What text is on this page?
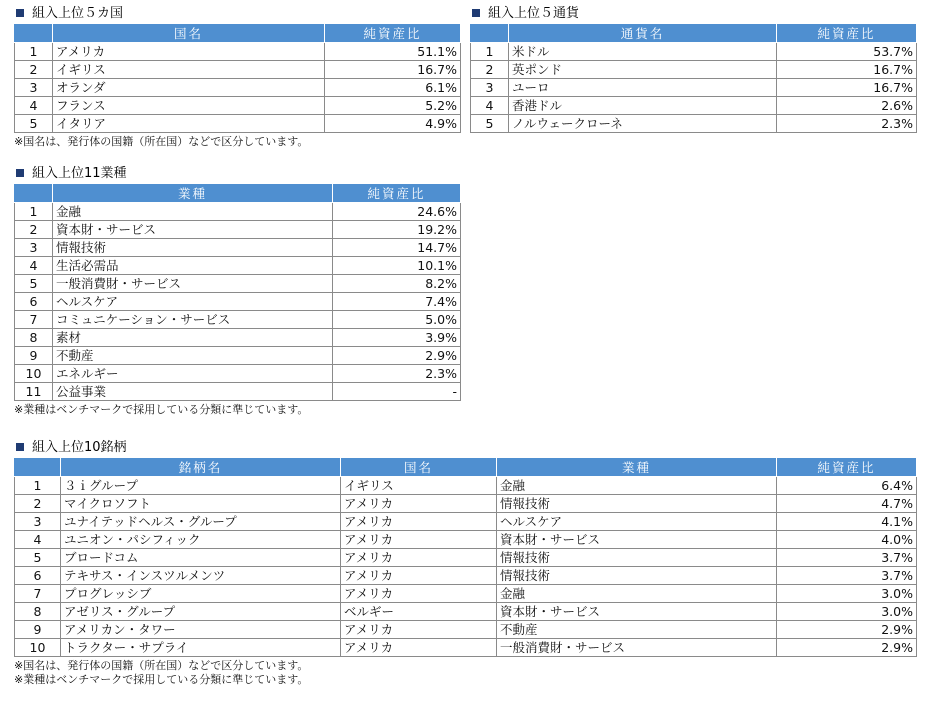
組入上位５カ国
	国名	純資産比
1	アメリカ	51.1%
2	イギリス	16.7%
3	オランダ	6.1%
4	フランス	5.2%
5	イタリア	4.9%
※国名は、発行体の国籍（所在国）などで区分しています。
組入上位５通貨
	通貨名	純資産比
1	米ドル	53.7%
2	英ポンド	16.7%
3	ユーロ	16.7%
4	香港ドル	2.6%
5	ノルウェークローネ	2.3%
組入上位11業種
	業種	純資産比
1	金融	24.6%
2	資本財・サービス	19.2%
3	情報技術	14.7%
4	生活必需品	10.1%
5	一般消費財・サービス	8.2%
6	ヘルスケア	7.4%
7	コミュニケーション・サービス	5.0%
8	素材	3.9%
9	不動産	2.9%
10	エネルギー	2.3%
11	公益事業	-
※業種はベンチマークで採用している分類に準じています。
組入上位10銘柄
	銘柄名	国名	業種	純資産比
1	３ｉグループ	イギリス	金融	6.4%
2	マイクロソフト	アメリカ	情報技術	4.7%
3	ユナイテッドヘルス・グループ	アメリカ	ヘルスケア	4.1%
4	ユニオン・パシフィック	アメリカ	資本財・サービス	4.0%
5	ブロードコム	アメリカ	情報技術	3.7%
6	テキサス・インスツルメンツ	アメリカ	情報技術	3.7%
7	プログレッシブ	アメリカ	金融	3.0%
8	アゼリス・グループ	ベルギー	資本財・サービス	3.0%
9	アメリカン・タワー	アメリカ	不動産	2.9%
10	トラクター・サプライ	アメリカ	一般消費財・サービス	2.9%
※国名は、発行体の国籍（所在国）などで区分しています。
※業種はベンチマークで採用している分類に準じています。
